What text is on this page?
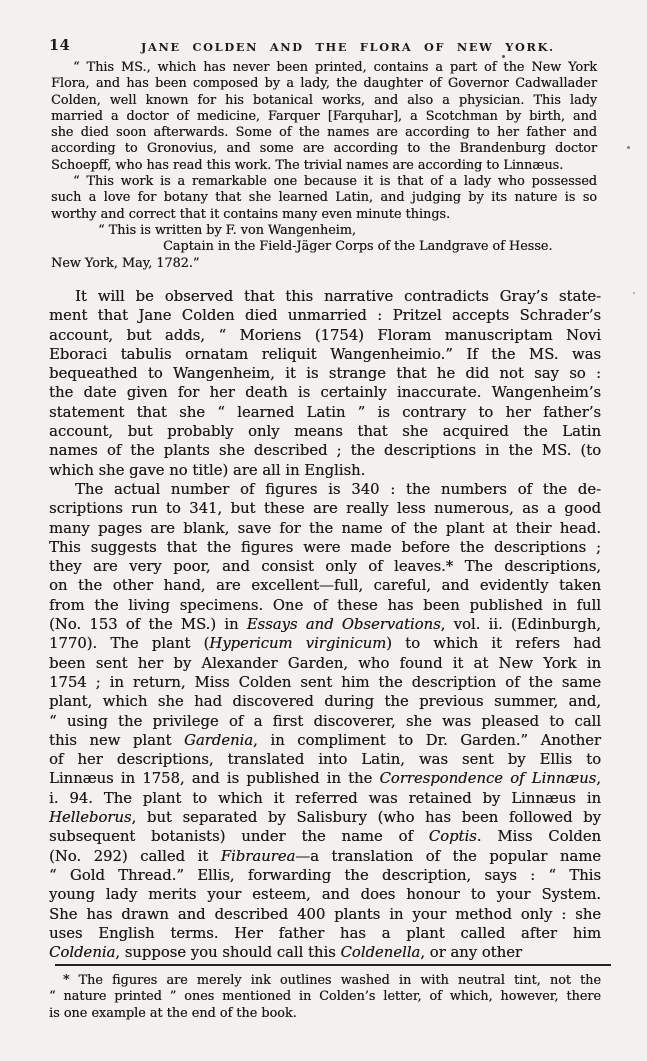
14	JANE COLDEN AND THE FLORA OF NEW YORK.
“ This MS., which has never been printed, contains a part of the New York
Flora, and has been composed by a lady, the daughter of Governor Cadwallader
Colden, well known for his botanical works, and also a physician. This lady
married a doctor of medicine, Farquer [Farquhar], a Scotchman by birth, and
she died soon afterwards. Some of the names are according to her father and
according to Gronovius, and some are according to the Brandenburg doctor
Schoepff, who has read this work. The trivial names are according to Linnæus.
“ This work is a remarkable one because it is that of a lady who possessed
such a love for botany that she learned Latin, and judging by its nature is so
worthy and correct that it contains many even minute things.
“ This is written by F. von Wangenheim,
Captain in the Field-Jäger Corps of the Landgrave of Hesse.
New York, May, 1782.”
It will be observed that this narrative contradicts Gray’s state-
ment that Jane Colden died unmarried : Pritzel accepts Schrader’s
account, but adds, “ Moriens (1754) Floram manuscriptam Novi
Eboraci tabulis ornatam reliquit Wangenheimio.” If the MS. was
bequeathed to Wangenheim, it is strange that he did not say so :
the date given for her death is certainly inaccurate. Wangenheim’s
statement that she “ learned Latin ” is contrary to her father’s
account, but probably only means that she acquired the Latin
names of the plants she described ; the descriptions in the MS. (to
which she gave no title) are all in English.
The actual number of figures is 340 : the numbers of the de-
scriptions run to 341, but these are really less numerous, as a good
many pages are blank, save for the name of the plant at their head.
This suggests that the figures were made before the descriptions ;
they are very poor, and consist only of leaves.* The descriptions,
on the other hand, are excellent—full, careful, and evidently taken
from the living specimens. One of these has been published in full
(No. 153 of the MS.) in Essays and Observations, vol. ii. (Edinburgh,
1770). The plant (Hypericum virginicum) to which it refers had
been sent her by Alexander Garden, who found it at New York in
1754 ; in return, Miss Colden sent him the description of the same
plant, which she had discovered during the previous summer, and,
“ using the privilege of a first discoverer, she was pleased to call
this new plant Gardenia, in compliment to Dr. Garden.” Another
of her descriptions, translated into Latin, was sent by Ellis to
Linnæus in 1758, and is published in the Correspondence of Linnæus,
i. 94. The plant to which it referred was retained by Linnæus in
Helleborus, but separated by Salisbury (who has been followed by
subsequent botanists) under the name of Coptis. Miss Colden
(No. 292) called it Fibraurea—a translation of the popular name
“ Gold Thread.” Ellis, forwarding the description, says : “ This
young lady merits your esteem, and does honour to your System.
She has drawn and described 400 plants in your method only : she
uses English terms. Her father has a plant called after him
Coldenia, suppose you should call this Coldenella, or any other
* The figures are merely ink outlines washed in with neutral tint, not the
“ nature printed ” ones mentioned in Colden’s letter, of which, however, there
is one example at the end of the book.
